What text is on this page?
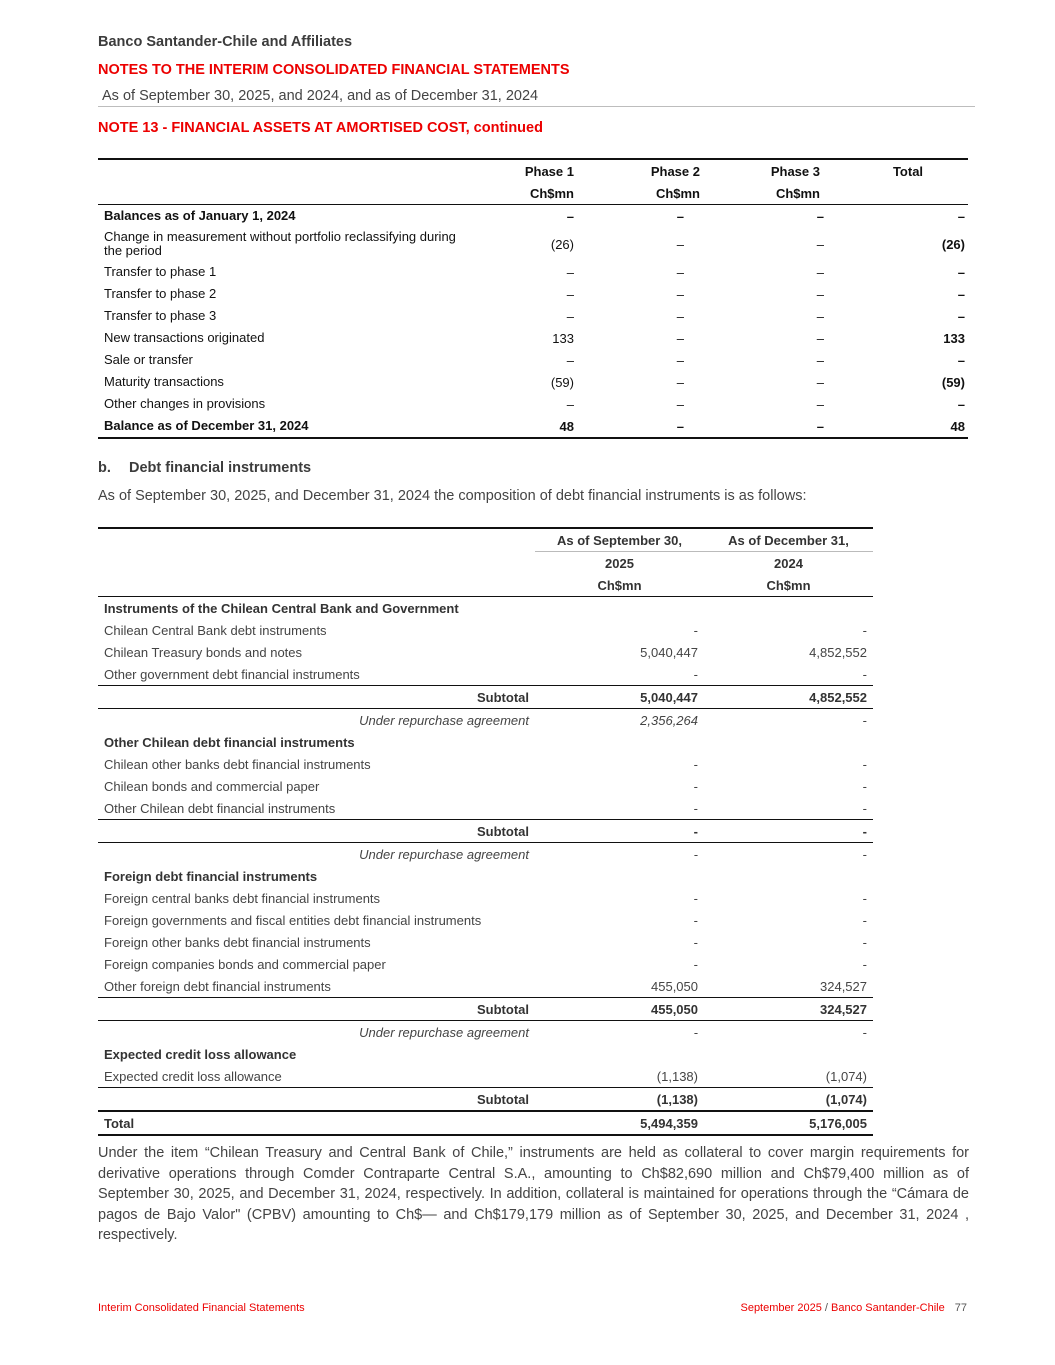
Banco Santander-Chile and Affiliates
NOTES TO THE INTERIM CONSOLIDATED FINANCIAL STATEMENTS
As of September 30, 2025, and 2024, and as of December 31, 2024
NOTE 13 - FINANCIAL ASSETS AT AMORTISED COST, continued
	Phase 1	Phase 2	Phase 3	Total
	Ch$mn	Ch$mn	Ch$mn	
Balances as of January 1, 2024	–	–	–	–
Change in measurement without portfolio reclassifying during the period	(26)	–	–	(26)
Transfer to phase 1	–	–	–	–
Transfer to phase 2	–	–	–	–
Transfer to phase 3	–	–	–	–
New transactions originated	133	–	–	133
Sale or transfer	–	–	–	–
Maturity transactions	(59)	–	–	(59)
Other changes in provisions	–	–	–	–
Balance as of December 31, 2024	48	–	–	48
b. Debt financial instruments
As of September 30, 2025, and December 31, 2024 the composition of debt financial instruments is as follows:
	As of September 30,	As of December 31,
	2025	2024
	Ch$mn	Ch$mn
Instruments of the Chilean Central Bank and Government		
Chilean Central Bank debt instruments	-	-
Chilean Treasury bonds and notes	5,040,447	4,852,552
Other government debt financial instruments	-	-
Subtotal	5,040,447	4,852,552
Under repurchase agreement	2,356,264	-
Other Chilean debt financial instruments		
Chilean other banks debt financial instruments	-	-
Chilean bonds and commercial paper	-	-
Other Chilean debt financial instruments	-	-
Subtotal	-	-
Under repurchase agreement	-	-
Foreign debt financial instruments		
Foreign central banks debt financial instruments	-	-
Foreign governments and fiscal entities debt financial instruments	-	-
Foreign other banks debt financial instruments	-	-
Foreign companies bonds and commercial paper	-	-
Other foreign debt financial instruments	455,050	324,527
Subtotal	455,050	324,527
Under repurchase agreement	-	-
Expected credit loss allowance		
Expected credit loss allowance	(1,138)	(1,074)
Subtotal	(1,138)	(1,074)
Total	5,494,359	5,176,005
Under the item “Chilean Treasury and Central Bank of Chile,” instruments are held as collateral to cover margin requirements for derivative operations through Comder Contraparte Central S.A., amounting to Ch$82,690 million and Ch$79,400 million as of September 30, 2025, and December 31, 2024, respectively. In addition, collateral is maintained for operations through the “Cámara de pagos de Bajo Valor" (CPBV) amounting to Ch$— and Ch$179,179 million as of September 30, 2025, and December 31, 2024 , respectively.
Interim Consolidated Financial Statements	September 2025 / Banco Santander-Chile 77
